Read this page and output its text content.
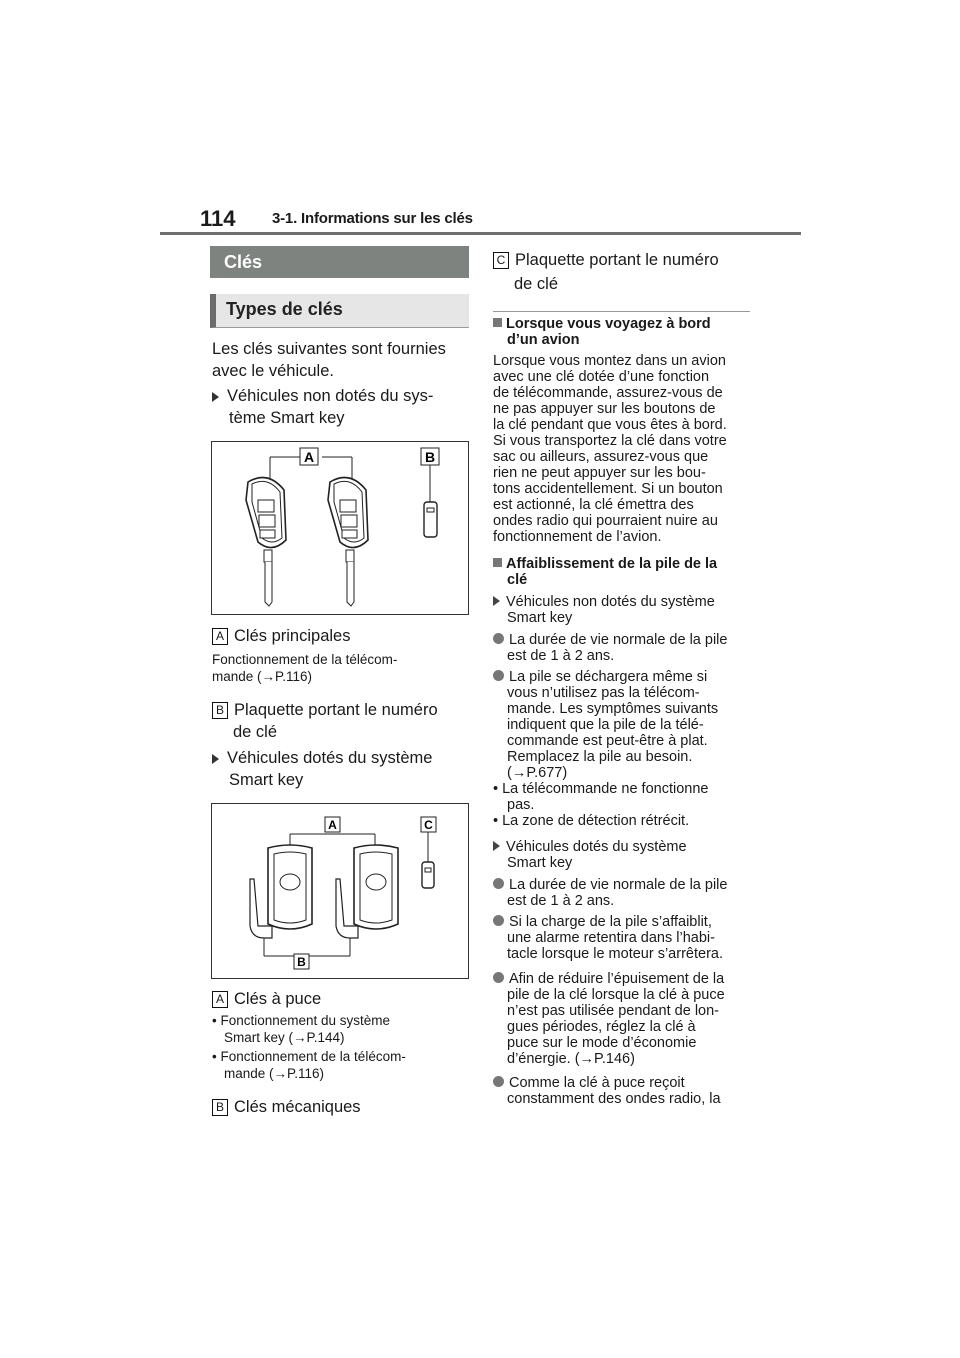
114 3-1. Informations sur les clés
Clés
Types de clés
Les clés suivantes sont fournies
avec le véhicule.
Véhicules non dotés du sys-
tème Smart key
A	B
A Clés principales
Fonctionnement de la télécom-
mande (→P.116)
B Plaquette portant le numéro
de clé
Véhicules dotés du système
Smart key
A	C
B
A Clés à puce
• Fonctionnement du système
Smart key (→P.144)
• Fonctionnement de la télécom-
mande (→P.116)
B Clés mécaniques
C Plaquette portant le numéro
de clé
Lorsque vous voyagez à bord
d’un avion
Lorsque vous montez dans un avion
avec une clé dotée d’une fonction
de télécommande, assurez-vous de
ne pas appuyer sur les boutons de
la clé pendant que vous êtes à bord.
Si vous transportez la clé dans votre
sac ou ailleurs, assurez-vous que
rien ne peut appuyer sur les bou-
tons accidentellement. Si un bouton
est actionné, la clé émettra des
ondes radio qui pourraient nuire au
fonctionnement de l’avion.
Affaiblissement de la pile de la
clé
Véhicules non dotés du système
Smart key
La durée de vie normale de la pile
est de 1 à 2 ans.
La pile se déchargera même si
vous n’utilisez pas la télécom-
mande. Les symptômes suivants
indiquent que la pile de la télé-
commande est peut-être à plat.
Remplacez la pile au besoin.
(→P.677)
• La télécommande ne fonctionne
pas.
• La zone de détection rétrécit.
Véhicules dotés du système
Smart key
La durée de vie normale de la pile
est de 1 à 2 ans.
Si la charge de la pile s’affaiblit,
une alarme retentira dans l’habi-
tacle lorsque le moteur s’arrêtera.
Afin de réduire l’épuisement de la
pile de la clé lorsque la clé à puce
n’est pas utilisée pendant de lon-
gues périodes, réglez la clé à
puce sur le mode d’économie
d’énergie. (→P.146)
Comme la clé à puce reçoit
constamment des ondes radio, la
